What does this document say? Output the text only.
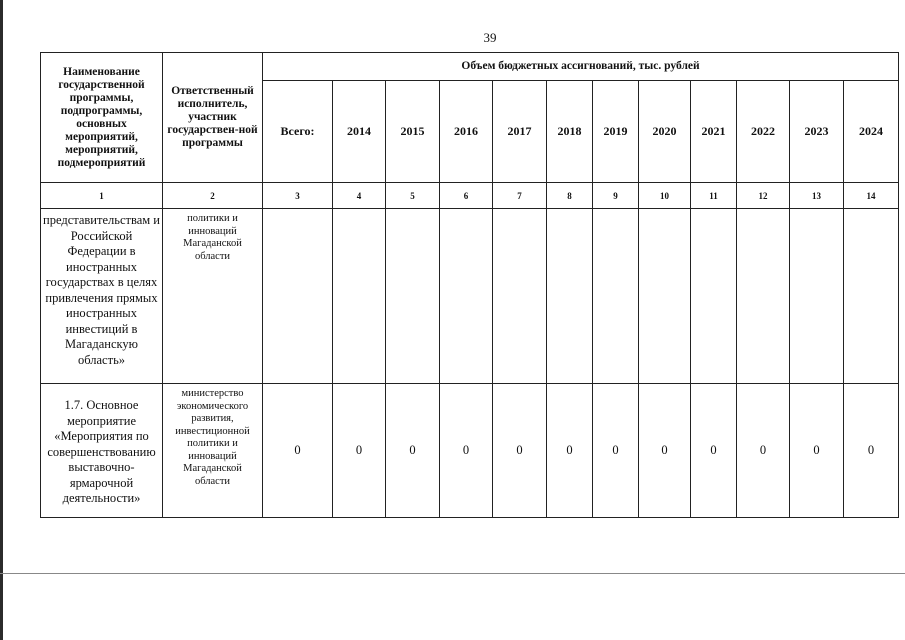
39
Наименование государственной программы, подпрограммы, основных мероприятий, мероприятий, подмероприятий	Ответственный исполнитель, участник государствен-ной программы	Объем бюджетных ассигнований, тыс. рублей											
		Всего:	2014	2015	2016	2017	2018	2019	2020	2021	2022	2023	2024
1	2	3	4	5	6	7	8	9	10	11	12	13	14
представительствам и Российской Федерации в иностранных государствах в целях привлечения прямых иностранных инвестиций в Магаданскую область»	политики и инноваций Магаданской области												
1.7. Основное мероприятие «Мероприятия по совершенствованию выставочно-ярмарочной деятельности»	министерство экономического развития, инвестиционной политики и инноваций Магаданской области	0	0	0	0	0	0	0	0	0	0	0	0
